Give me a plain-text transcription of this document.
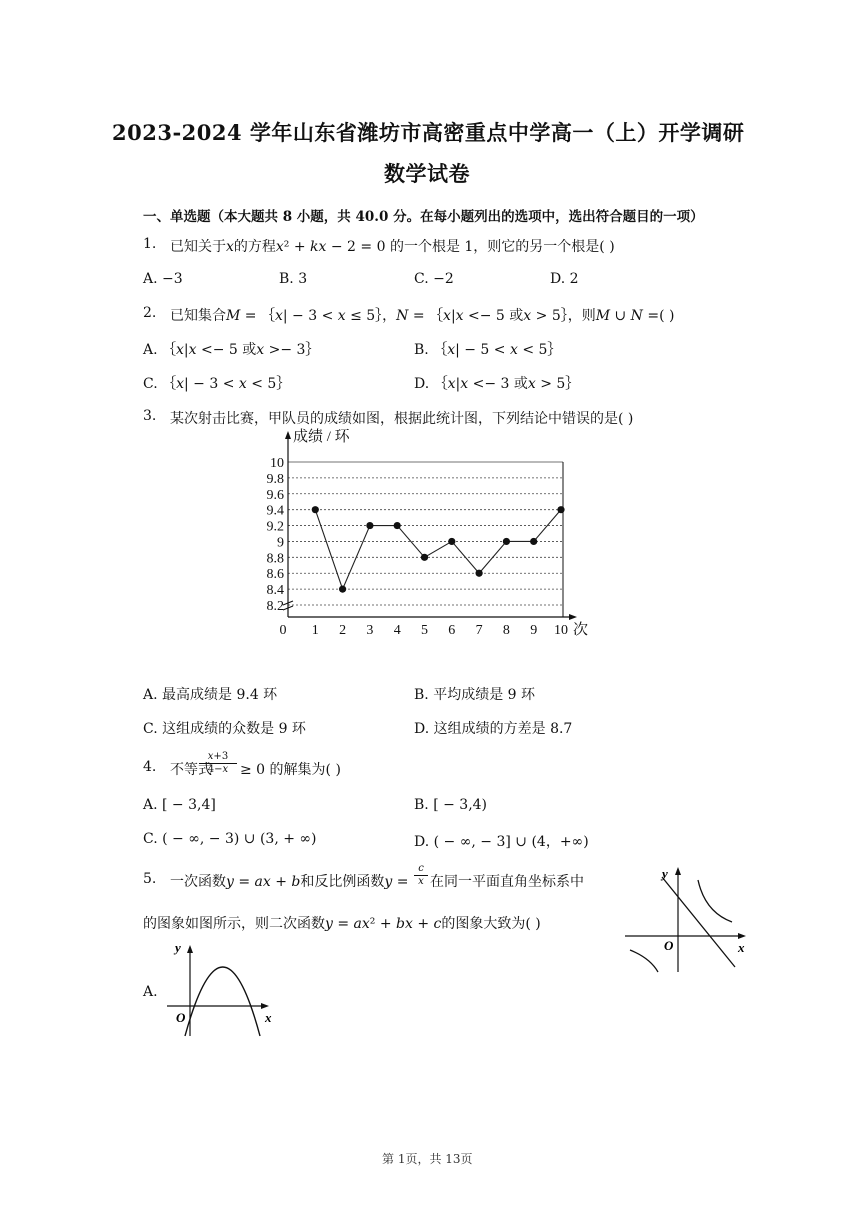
2023-2024 学年山东省潍坊市高密重点中学高一（上）开学调研
数学试卷
一、单选题（本大题共 8 小题，共 40.0 分。在每小题列出的选项中，选出符合题目的一项）
1. 已知关于𝑥的方程𝑥² + 𝑘𝑥 − 2 = 0 的一个根是 1，则它的另一个根是( )
A. −3	B. 3	C. −2	D. 2
2. 已知集合𝑀 = ｛𝑥| − 3 < 𝑥 ≤ 5｝，𝑁 = ｛𝑥|𝑥 <− 5 或𝑥 > 5｝，则𝑀 ∪ 𝑁 =( )
A. ｛𝑥|𝑥 <− 5 或𝑥 >− 3｝	B. ｛𝑥| − 5 < 𝑥 < 5｝
C. ｛𝑥| − 3 < 𝑥 < 5｝	D. ｛𝑥|𝑥 <− 3 或𝑥 > 5｝
3. 某次射击比赛，甲队员的成绩如图，根据此统计图，下列结论中错误的是( )
10
9.8
9.6
9.4
9.2
9
8.8
8.6
8.4
8.2
0 1 2 3 4 5 6 7 8 9 10
成绩 / 环
次
A. 最高成绩是 9.4 环	B. 平均成绩是 9 环
C. 这组成绩的众数是 9 环	D. 这组成绩的方差是 8.7
4. 不等式
𝑥+3
4−𝑥 ≥ 0 的解集为( )
A. [ − 3,4]	B. [ − 3,4)
C. ( − ∞, − 3) ∪ (3, + ∞)	D. ( − ∞, − 3] ∪ (4，+∞)
5. 一次函数𝑦 = 𝑎𝑥 + 𝑏和反比例函数𝑦 =
𝑐
𝑥 在同一平面直角坐标系中
的图象如图所示，则二次函数𝑦 = 𝑎𝑥² + 𝑏𝑥 + 𝑐的图象大致为( )
y
x
O
A.
y
x
O
第 1页，共 13页
